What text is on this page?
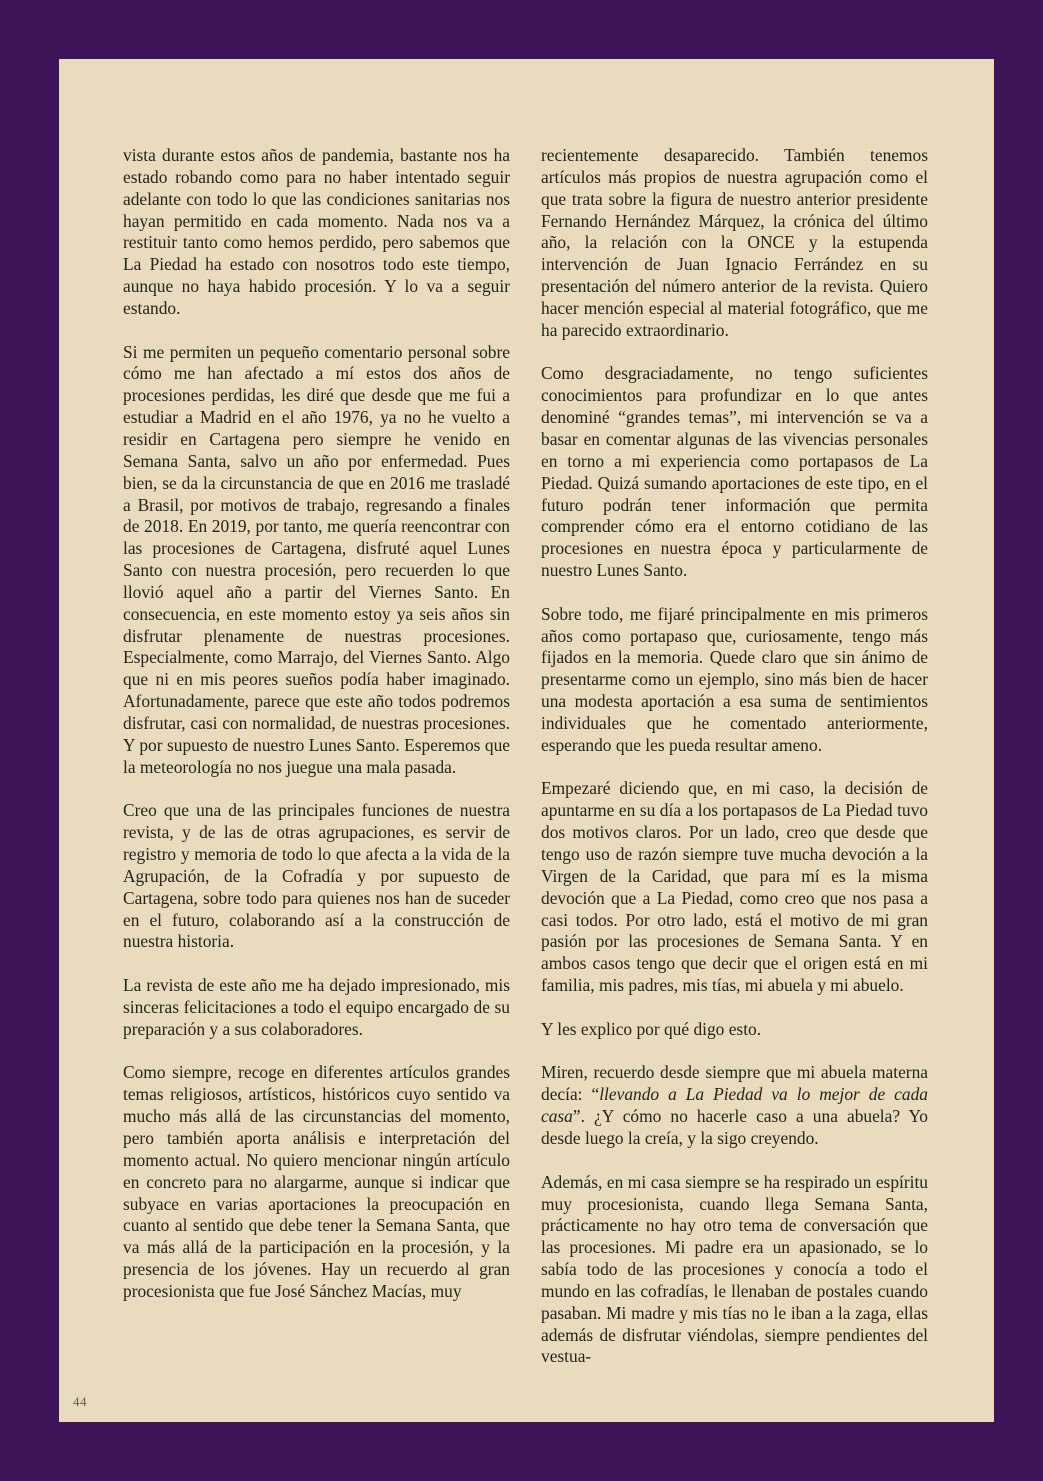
vista durante estos años de pandemia, bastante nos ha estado robando como para no haber intentado seguir adelante con todo lo que las condiciones sanitarias nos hayan permitido en cada momento. Nada nos va a restituir tanto como hemos perdido, pero sabemos que La Piedad ha estado con nosotros todo este tiempo, aunque no haya habido procesión. Y lo va a seguir estando.

Si me permiten un pequeño comentario personal sobre cómo me han afectado a mí estos dos años de procesiones perdidas, les diré que desde que me fui a estudiar a Madrid en el año 1976, ya no he vuelto a residir en Cartagena pero siempre he venido en Semana Santa, salvo un año por enfermedad. Pues bien, se da la circunstancia de que en 2016 me trasladé a Brasil, por motivos de trabajo, regresando a finales de 2018. En 2019, por tanto, me quería reencontrar con las procesiones de Cartagena, disfruté aquel Lunes Santo con nuestra procesión, pero recuerden lo que llovió aquel año a partir del Viernes Santo. En consecuencia, en este momento estoy ya seis años sin disfrutar plenamente de nuestras procesiones. Especialmente, como Marrajo, del Viernes Santo. Algo que ni en mis peores sueños podía haber imaginado. Afortunadamente, parece que este año todos podremos disfrutar, casi con normalidad, de nuestras procesiones. Y por supuesto de nuestro Lunes Santo. Esperemos que la meteorología no nos juegue una mala pasada.

Creo que una de las principales funciones de nuestra revista, y de las de otras agrupaciones, es servir de registro y memoria de todo lo que afecta a la vida de la Agrupación, de la Cofradía y por supuesto de Cartagena, sobre todo para quienes nos han de suceder en el futuro, colaborando así a la construcción de nuestra historia.

La revista de este año me ha dejado impresionado, mis sinceras felicitaciones a todo el equipo encargado de su preparación y a sus colaboradores.

Como siempre, recoge en diferentes artículos grandes temas religiosos, artísticos, históricos cuyo sentido va mucho más allá de las circunstancias del momento, pero también aporta análisis e interpretación del momento actual. No quiero mencionar ningún artículo en concreto para no alargarme, aunque si indicar que subyace en varias aportaciones la preocupación en cuanto al sentido que debe tener la Semana Santa, que va más allá de la participación en la procesión, y la presencia de los jóvenes. Hay un recuerdo al gran procesionista que fue José Sánchez Macías, muy

recientemente desaparecido. También tenemos artículos más propios de nuestra agrupación como el que trata sobre la figura de nuestro anterior presidente Fernando Hernández Márquez, la crónica del último año, la relación con la ONCE y la estupenda intervención de Juan Ignacio Ferrández en su presentación del número anterior de la revista. Quiero hacer mención especial al material fotográfico, que me ha parecido extraordinario.

Como desgraciadamente, no tengo suficientes conocimientos para profundizar en lo que antes denominé “grandes temas”, mi intervención se va a basar en comentar algunas de las vivencias personales en torno a mi experiencia como portapasos de La Piedad. Quizá sumando aportaciones de este tipo, en el futuro podrán tener información que permita comprender cómo era el entorno cotidiano de las procesiones en nuestra época y particularmente de nuestro Lunes Santo.

Sobre todo, me fijaré principalmente en mis primeros años como portapaso que, curiosamente, tengo más fijados en la memoria. Quede claro que sin ánimo de presentarme como un ejemplo, sino más bien de hacer una modesta aportación a esa suma de sentimientos individuales que he comentado anteriormente, esperando que les pueda resultar ameno.

Empezaré diciendo que, en mi caso, la decisión de apuntarme en su día a los portapasos de La Piedad tuvo dos motivos claros. Por un lado, creo que desde que tengo uso de razón siempre tuve mucha devoción a la Virgen de la Caridad, que para mí es la misma devoción que a La Piedad, como creo que nos pasa a casi todos. Por otro lado, está el motivo de mi gran pasión por las procesiones de Semana Santa. Y en ambos casos tengo que decir que el origen está en mi familia, mis padres, mis tías, mi abuela y mi abuelo.

Y les explico por qué digo esto.

Miren, recuerdo desde siempre que mi abuela materna decía: “llevando a La Piedad va lo mejor de cada casa”. ¿Y cómo no hacerle caso a una abuela? Yo desde luego la creía, y la sigo creyendo.

Además, en mi casa siempre se ha respirado un espíritu muy procesionista, cuando llega Semana Santa, prácticamente no hay otro tema de conversación que las procesiones. Mi padre era un apasionado, se lo sabía todo de las procesiones y conocía a todo el mundo en las cofradías, le llenaban de postales cuando pasaban. Mi madre y mis tías no le iban a la zaga, ellas además de disfrutar viéndolas, siempre pendientes del vestua-

44
